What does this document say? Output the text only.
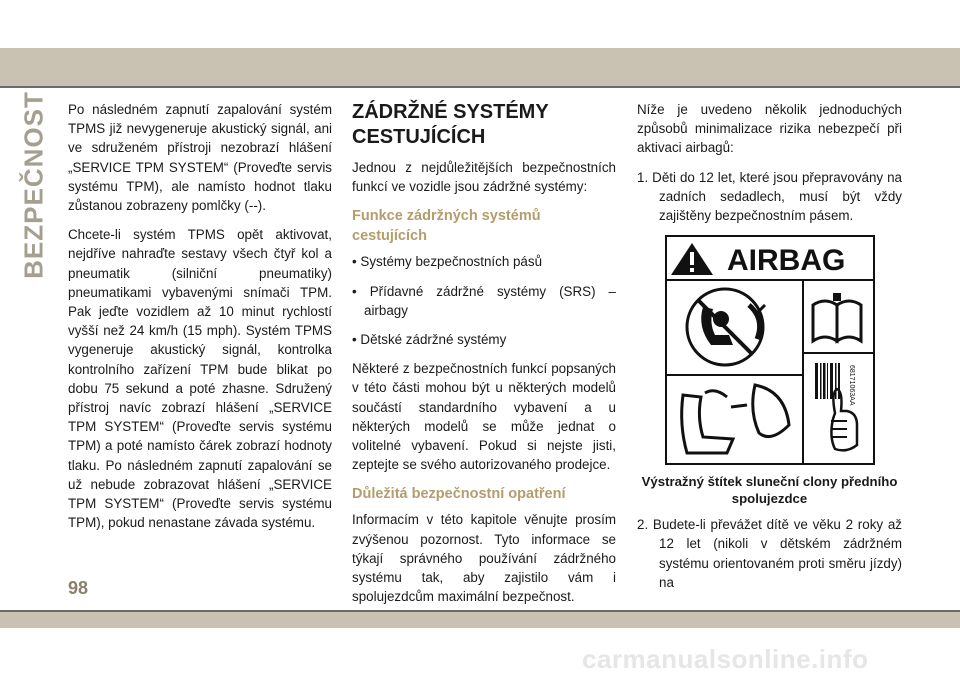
BEZPEČNOST Po následném zapnutí zapalování systém TPMS již nevygeneruje akustický signál, ani ve sdruženém přístroji nezobrazí hlášení „SERVICE TPM SYSTEM“ (Proveďte servis systému TPM), ale namísto hodnot tlaku zůstanou zobrazeny pomlčky (--).

Chcete-li systém TPMS opět aktivovat, nejdříve nahraďte sestavy všech čtyř kol a pneumatik (silniční pneumatiky) pneumatikami vybavenými snímači TPM. Pak jeďte vozidlem až 10 minut rychlostí vyšší než 24 km/h (15 mph). Systém TPMS vygeneruje akustický signál, kontrolka kontrolního zařízení TPM bude blikat po dobu 75 sekund a poté zhasne. Sdružený přístroj navíc zobrazí hlášení „SERVICE TPM SYSTEM“ (Proveďte servis systému TPM) a poté namísto čárek zobrazí hodnoty tlaku. Po následném zapnutí zapalování se už nebude zobrazovat hlášení „SERVICE TPM SYSTEM“ (Proveďte servis systému TPM), pokud nenastane závada systému.

ZÁDRŽNÉ SYSTÉMY CESTUJÍCÍCH

Jednou z nejdůležitějších bezpečnostních funkcí ve vozidle jsou zádržné systémy:

Funkce zádržných systémů cestujících

• Systémy bezpečnostních pásů

• Přídavné zádržné systémy (SRS) – airbagy

• Dětské zádržné systémy

Některé z bezpečnostních funkcí popsaných v této části mohou být u některých modelů součástí standardního vybavení a u některých modelů se může jednat o volitelné vybavení. Pokud si nejste jisti, zeptejte se svého autorizovaného prodejce.

Důležitá bezpečnostní opatření

Informacím v této kapitole věnujte prosím zvýšenou pozornost. Tyto informace se týkají správného používání zádržného systému tak, aby zajistilo vám i spolujezdcům maximální bezpečnost.

Níže je uvedeno několik jednoduchých způsobů minimalizace rizika nebezpečí při aktivaci airbagů:

1. Děti do 12 let, které jsou přepravovány na zadních sedadlech, musí být vždy zajištěny bezpečnostním pásem.

AIRBAG
68171063AA
Výstražný štítek sluneční clony předního spolujezdce

2. Budete-li převážet dítě ve věku 2 roky až 12 let (nikoli v dětském zádržném systému orientovaném proti směru jízdy) na

98
carmanualsonline.info
